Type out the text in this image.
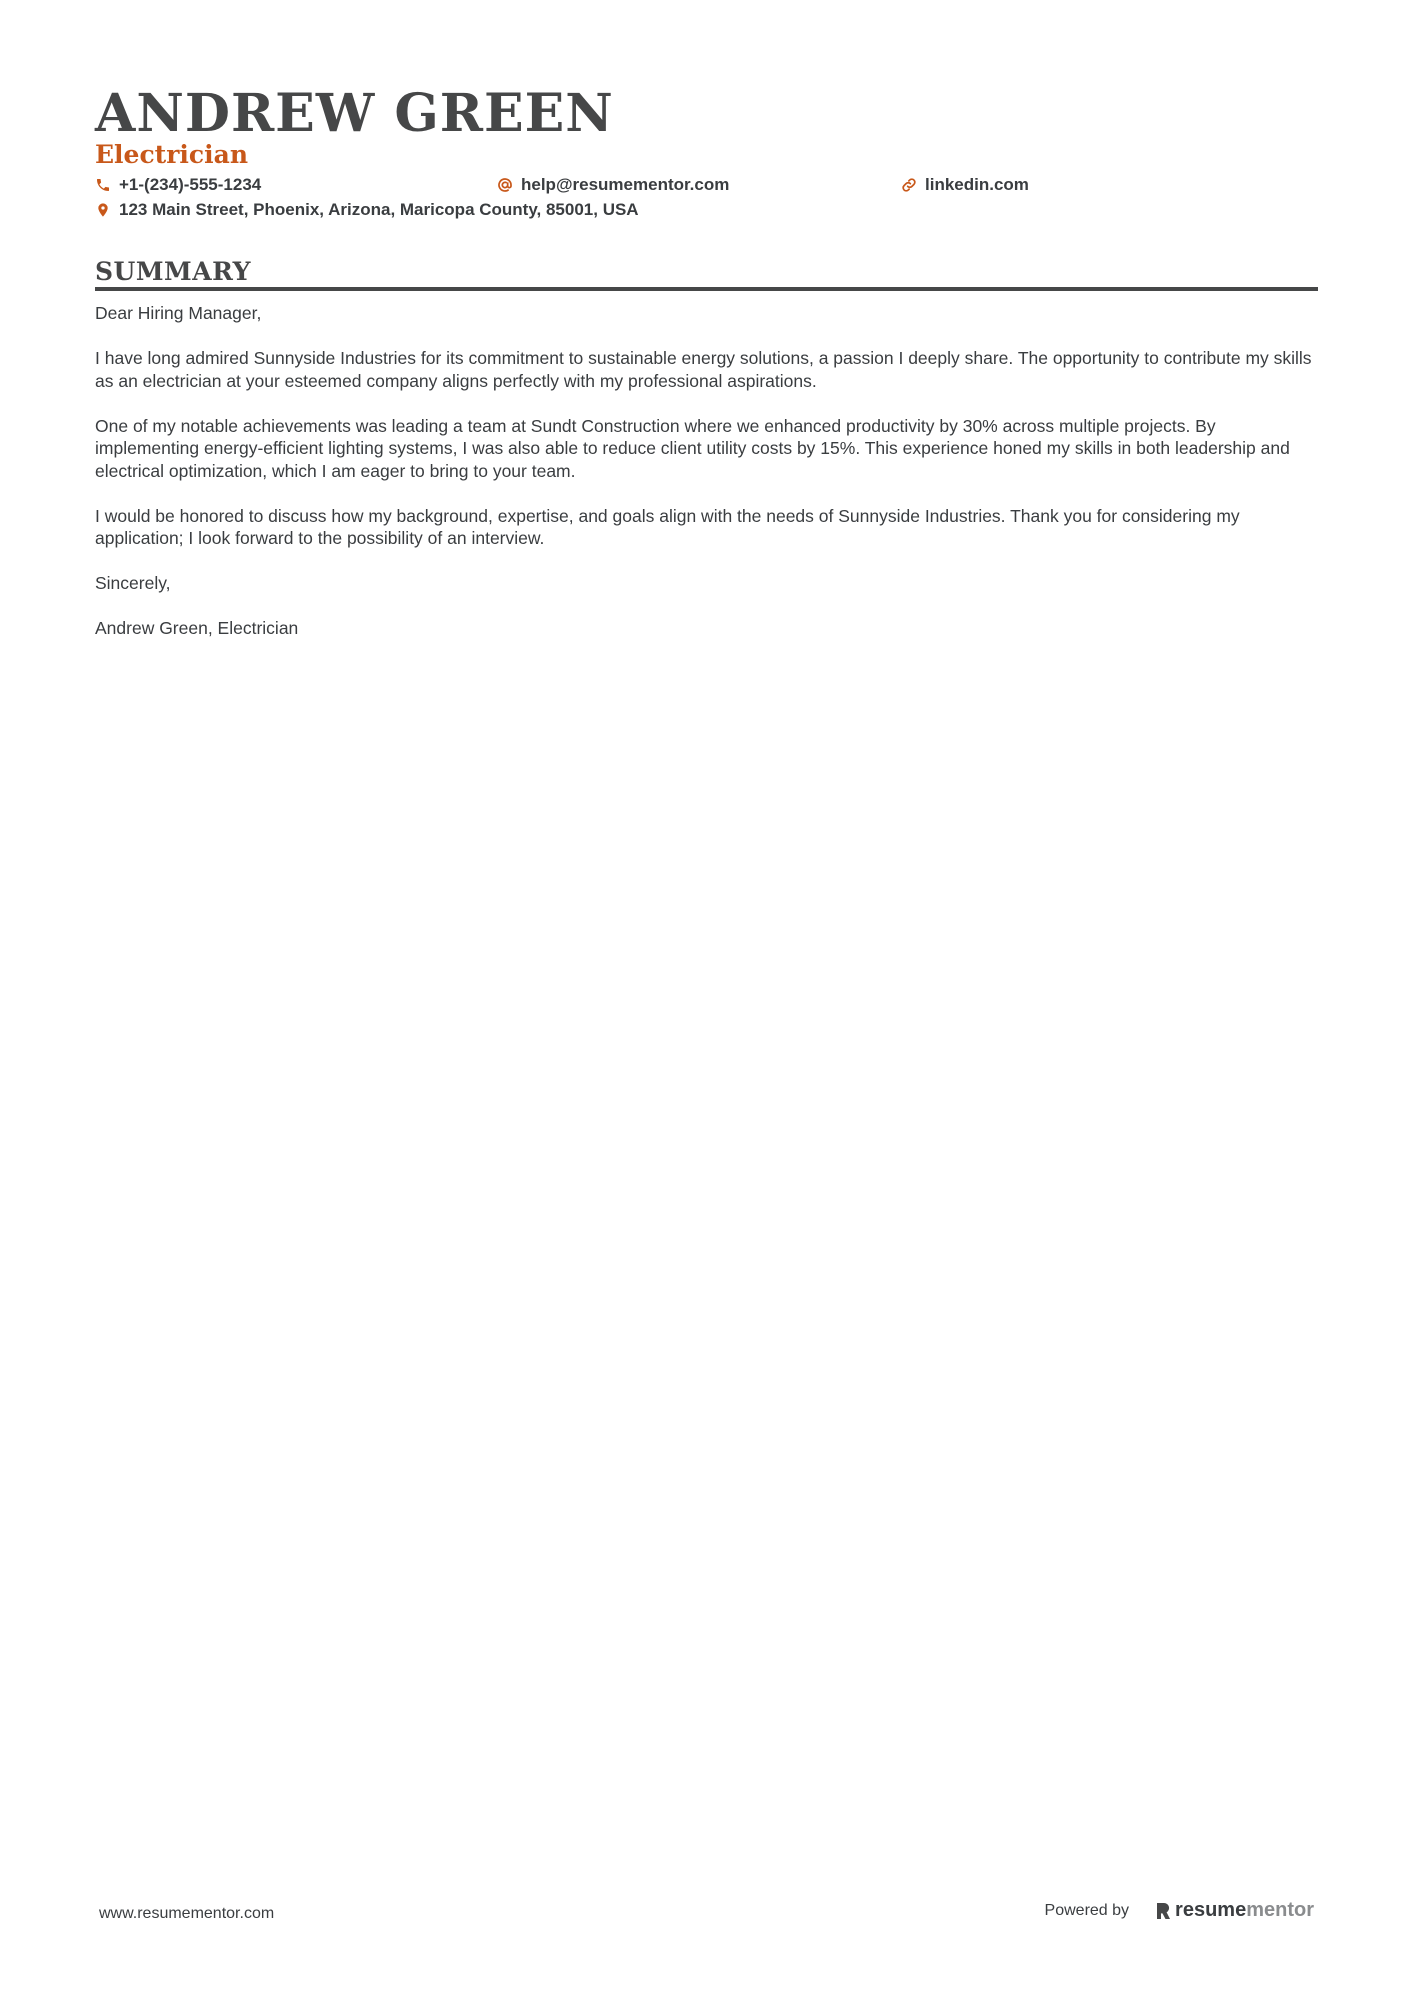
ANDREW GREEN
Electrician
+1-(234)-555-1234	help@resumementor.com	linkedin.com
123 Main Street, Phoenix, Arizona, Maricopa County, 85001, USA
SUMMARY

Dear Hiring Manager,

I have long admired Sunnyside Industries for its commitment to sustainable energy solutions, a passion I deeply share. The opportunity to contribute my skills as an electrician at your esteemed company aligns perfectly with my professional aspirations.

One of my notable achievements was leading a team at Sundt Construction where we enhanced productivity by 30% across multiple projects. By implementing energy-efficient lighting systems, I was also able to reduce client utility costs by 15%. This experience honed my skills in both leadership and electrical optimization, which I am eager to bring to your team.

I would be honored to discuss how my background, expertise, and goals align with the needs of Sunnyside Industries. Thank you for considering my application; I look forward to the possibility of an interview.

Sincerely,

Andrew Green, Electrician

www.resumementor.com	Powered by resume mentor
